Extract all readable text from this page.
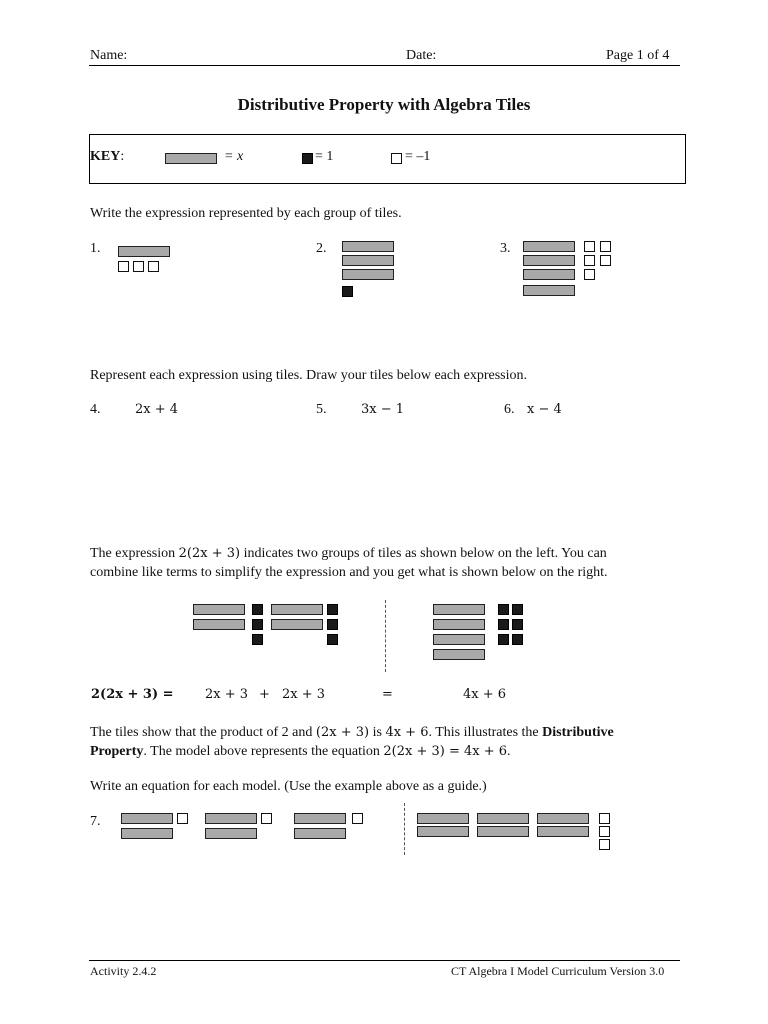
Name:	Date:	Page 1 of 4
Distributive Property with Algebra Tiles
KEY:	= x	= 1	= –1
Write the expression represented by each group of tiles.
1.	2.	3.
Represent each expression using tiles. Draw your tiles below each expression.
4.	2x + 4	5.	3x − 1	6. x − 4
The expression 2(2x + 3) indicates two groups of tiles as shown below on the left. You can
combine like terms to simplify the expression and you get what is shown below on the right.
2(2x + 3) = 2x + 3 + 2x + 3	=	4x + 6
The tiles show that the product of 2 and (2x + 3) is 4x + 6. This illustrates the Distributive
Property. The model above represents the equation 2(2x + 3) = 4x + 6.
Write an equation for each model. (Use the example above as a guide.)
7.
Activity 2.4.2	CT Algebra I Model Curriculum Version 3.0
